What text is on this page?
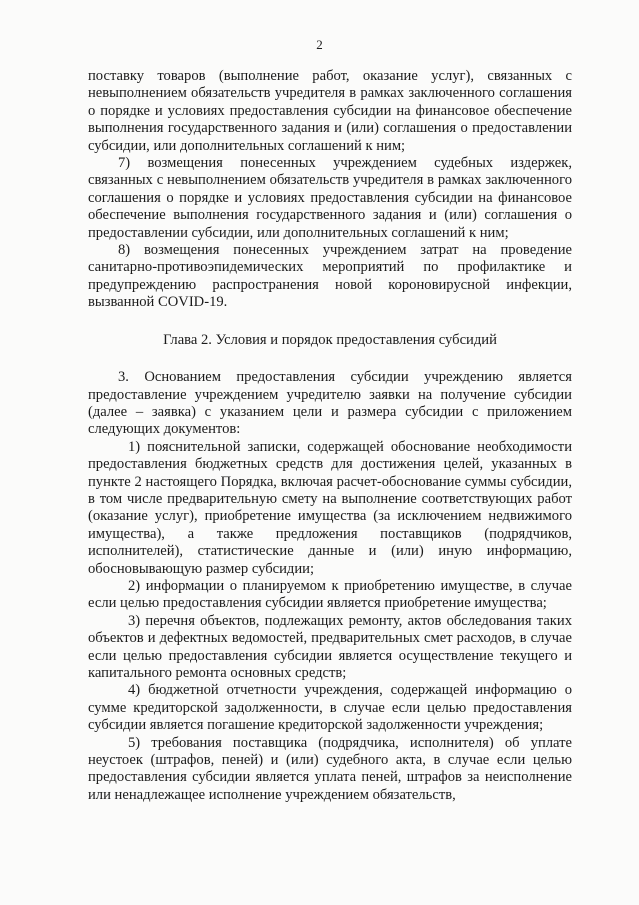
2

поставку товаров (выполнение работ, оказание услуг), связанных с невыполнением обязательств учредителя в рамках заключенного соглашения о порядке и условиях предоставления субсидии на финансовое обеспечение выполнения государственного задания и (или) соглашения о предоставлении субсидии, или дополнительных соглашений к ним;

7) возмещения понесенных учреждением судебных издержек, связанных с невыполнением обязательств учредителя в рамках заключенного соглашения о порядке и условиях предоставления субсидии на финансовое обеспечение выполнения государственного задания и (или) соглашения о предоставлении субсидии, или дополнительных соглашений к ним;

8) возмещения понесенных учреждением затрат на проведение санитарно-противоэпидемических мероприятий по профилактике и предупреждению распространения новой короновирусной инфекции, вызванной COVID-19.

Глава 2. Условия и порядок предоставления субсидий

3. Основанием предоставления субсидии учреждению является предоставление учреждением учредителю заявки на получение субсидии (далее – заявка) с указанием цели и размера субсидии с приложением следующих документов:

1) пояснительной записки, содержащей обоснование необходимости предоставления бюджетных средств для достижения целей, указанных в пункте 2 настоящего Порядка, включая расчет-обоснование суммы субсидии, в том числе предварительную смету на выполнение соответствующих работ (оказание услуг), приобретение имущества (за исключением недвижимого имущества), а также предложения поставщиков (подрядчиков, исполнителей), статистические данные и (или) иную информацию, обосновывающую размер субсидии;

2) информации о планируемом к приобретению имуществе, в случае если целью предоставления субсидии является приобретение имущества;

3) перечня объектов, подлежащих ремонту, актов обследования таких объектов и дефектных ведомостей, предварительных смет расходов, в случае если целью предоставления субсидии является осуществление текущего и капитального ремонта основных средств;

4) бюджетной отчетности учреждения, содержащей информацию о сумме кредиторской задолженности, в случае если целью предоставления субсидии является погашение кредиторской задолженности учреждения;

5) требования поставщика (подрядчика, исполнителя) об уплате неустоек (штрафов, пеней) и (или) судебного акта, в случае если целью предоставления субсидии является уплата пеней, штрафов за неисполнение или ненадлежащее исполнение учреждением обязательств,
